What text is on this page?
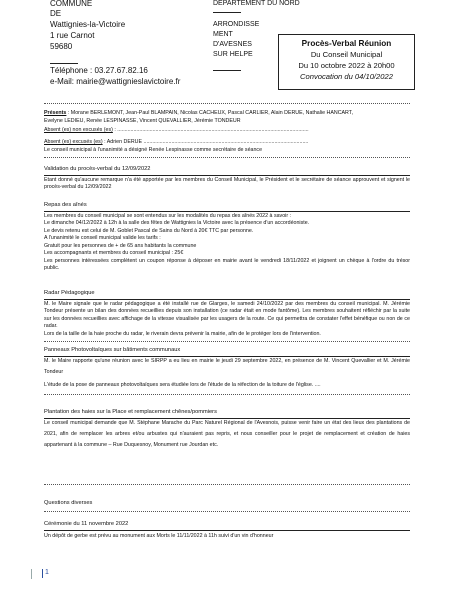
COMMUNE
DE
Wattignies-la-Victoire
1 rue Carnot
59680
Téléphone : 03.27.67.82.16
e-Mail: mairie@wattignieslavictoire.fr
DEPARTEMENT DU NORD
ARRONDISSE
MENT
D'AVESNES
SUR HELPE
Procès-Verbal Réunion
Du Conseil Municipal
Du 10 octobre 2022 à 20h00
Convocation du 04/10/2022
Présents : Morane BERLEMONT, Jean-Paul BLAMPAIN, Nicolas CACHEUX, Pascal CARLIER, Alain DERUE, Nathalie HANCART,
Evelyne LEDIEU, Renée LESPINASSE, Vincent QUEVALLIER, Jérémie TONDEUR
Absent (es) non excusés (es) : ..................................................................................................................................
Absent (es) excusés (es) : Adrien DERUE ................................................................................................................
Le conseil municipal à l'unanimité a désigné Renée Lespinasse comme secrétaire de séance
Validation du procès-verbal du 12/09/2022
Etant donné qu'aucune remarque n'a été apportée par les membres du Conseil Municipal, le Président et le secrétaire de séance approuvent et signent le procès-verbal du 12/09/2022
Repas des aînés
Les membres du conseil municipal se sont entendus sur les modalités du repas des aînés 2022 à savoir :
Le dimanche 04/12/2022 à 12h à la salle des fêtes de Wattignies la Victoire avec la présence d'un accordéoniste.
Le devis retenu est celui de M. Goblet Pascal de Sains du Nord à 20€ TTC par personne.
A l'unanimité le conseil municipal valide les tarifs :
Gratuit pour les personnes de + de 65 ans habitants la commune
Les accompagnants et membres du conseil municipal : 25€
Les personnes intéressées complètent un coupon réponse à déposer en mairie avant le vendredi 18/11/2022 et joignent un chèque à l'ordre du trésor public.
Radar Pédagogique
M. le Maire signale que le radar pédagogique a été installé rue de Glarges, le samedi 24/10/2022 par des membres du conseil municipal. M. Jérémie Tondeur présente un bilan des données recueillies depuis son installation (ce radar était en mode fantôme). Les membres souhaitent réfléchir par la suite sur les données recueillies avec affichage de la vitesse visualisée par les usagers de la route. Ce qui permettra de constater l'effet bénéfique ou non de ce radar.
Lors de la taille de la haie proche du radar, le riverain devra prévenir la mairie, afin de le protéger lors de l'intervention.
Panneaux Photovoltaïques sur bâtiments communaux
M. le Maire rapporte qu'une réunion avec le SIRPP a eu lieu en mairie le jeudi 29 septembre 2022, en présence de M. Vincent Quevallier et M. Jérémie Tondeur
L'étude de la pose de panneaux photovoltaïques sera étudiée lors de l'étude de la réfection de la toiture de l'église. ....
Plantation des haies sur la Place et remplacement chênes/pommiers
Le conseil municipal demande que M. Stéphane Marache du Parc Naturel Régional de l'Avesnois, puisse venir faire un état des lieux des plantations de 2021, afin de remplacer les arbres et/ou arbustes qui n'auraient pas repris, et nous conseiller pour le projet de remplacement et création de haies appartenant à la commune – Rue Duquesnoy, Monument rue Jourdan etc.
Questions diverses
Cérémonie du 11 novembre 2022
Un dépôt de gerbe est prévu au monument aux Morts le 11/11/2022 à 11h suivi d'un vin d'honneur
1
